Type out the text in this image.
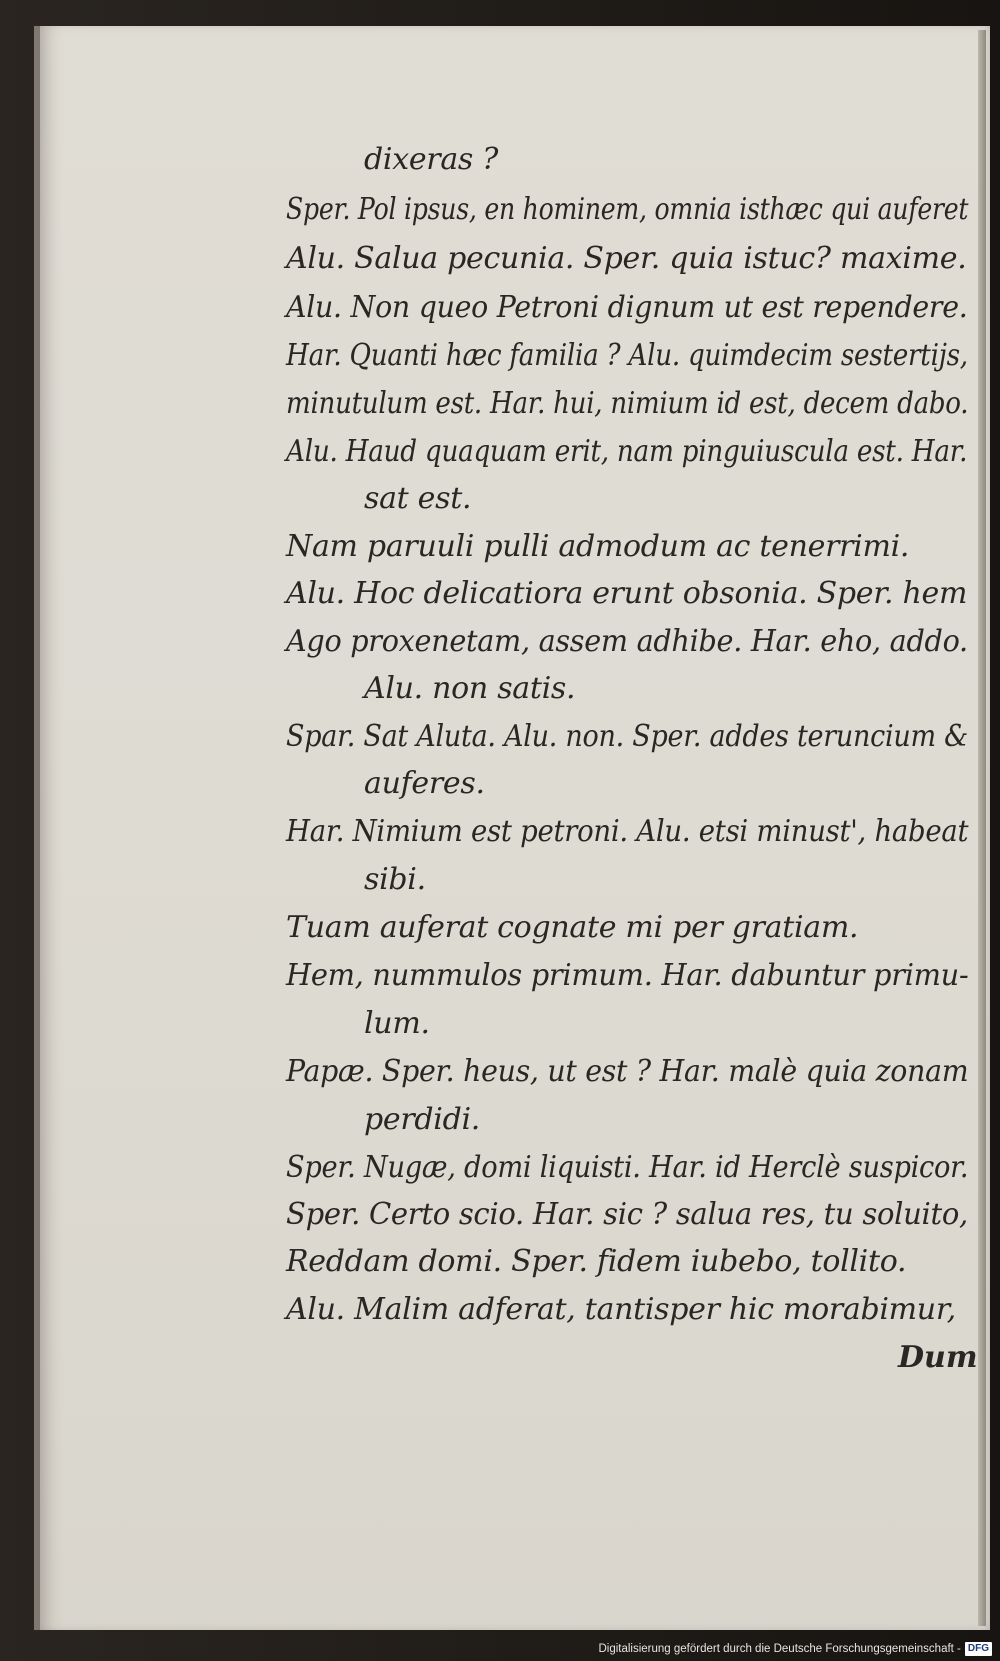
dixeras ?
Sper. Pol ipsus, en hominem, omnia isthæc qui auferet
Alu. Salua pecunia. Sper. quia istuc? maxime.
Alu. Non queo Petroni dignum ut est rependere.
Har. Quanti hæc familia ? Alu. quimdecim sestertijs,
minutulum est. Har. hui, nimium id est, decem dabo.
Alu. Haud quaquam erit, nam pinguiuscula est. Har.
sat est.
Nam paruuli pulli admodum ac tenerrimi.
Alu. Hoc delicatiora erunt obsonia. Sper. hem
Ago proxenetam, assem adhibe. Har. eho, addo.
Alu. non satis.
Spar. Sat Aluta. Alu. non. Sper. addes teruncium &
auferes.
Har. Nimium est petroni. Alu. etsi minust', habeat
sibi.
Tuam auferat cognate mi per gratiam.
Hem, nummulos primum. Har. dabuntur primu-
lum.
Papæ. Sper. heus, ut est ? Har. malè quia zonam
perdidi.
Sper. Nugæ, domi liquisti. Har. id Herclè suspicor.
Sper. Certo scio. Har. sic ? salua res, tu soluito,
Reddam domi. Sper. fidem iubebo, tollito.
Alu. Malim adferat, tantisper hic morabimur,
Dum
Digitalisierung gefördert durch die Deutsche Forschungsgemeinschaft - DFG
